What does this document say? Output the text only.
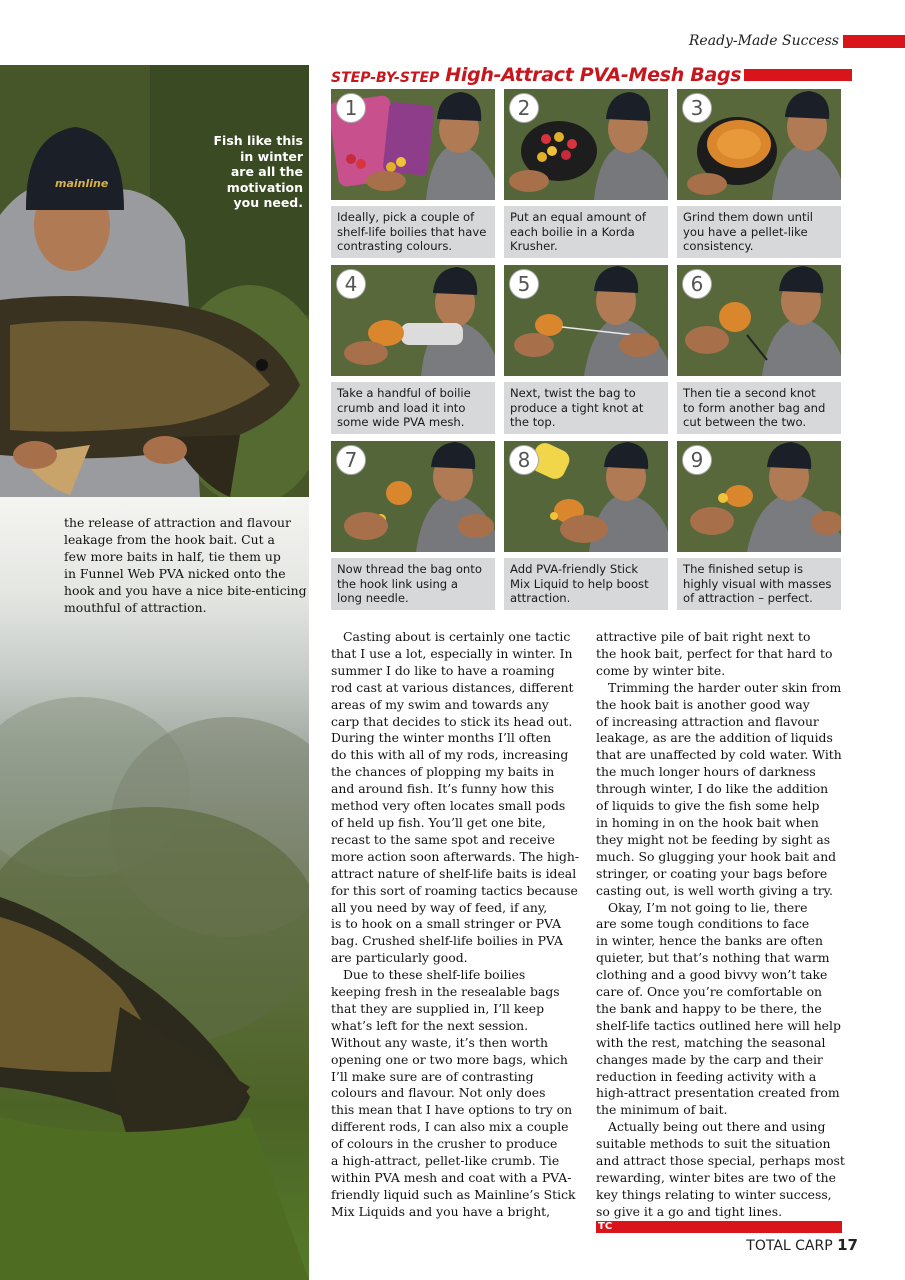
Ready-Made Success
mainline
Fish like this
in winter
are all the
motivation
you need.
the release of attraction and flavour
leakage from the hook bait. Cut a
few more baits in half, tie them up
in Funnel Web PVA nicked onto the
hook and you have a nice bite-enticing
mouthful of attraction.
STEP-BY-STEP High-Attract PVA-Mesh Bags
1
Ideally, pick a couple of
shelf-life boilies that have
contrasting colours.
2
Put an equal amount of
each boilie in a Korda
Krusher.
3
Grind them down until
you have a pellet-like
consistency.
4
Take a handful of boilie
crumb and load it into
some wide PVA mesh.
5
Next, twist the bag to
produce a tight knot at
the top.
6
Then tie a second knot
to form another bag and
cut between the two.
7
Now thread the bag onto
the hook link using a
long needle.
8
Add PVA-friendly Stick
Mix Liquid to help boost
attraction.
9
The finished setup is
highly visual with masses
of attraction – perfect.
Casting about is certainly one tactic
that I use a lot, especially in winter. In
summer I do like to have a roaming
rod cast at various distances, different
areas of my swim and towards any
carp that decides to stick its head out.
During the winter months I’ll often
do this with all of my rods, increasing
the chances of plopping my baits in
and around fish. It’s funny how this
method very often locates small pods
of held up fish. You’ll get one bite,
recast to the same spot and receive
more action soon afterwards. The high-
attract nature of shelf-life baits is ideal
for this sort of roaming tactics because
all you need by way of feed, if any,
is to hook on a small stringer or PVA
bag. Crushed shelf-life boilies in PVA
are particularly good.
Due to these shelf-life boilies
keeping fresh in the resealable bags
that they are supplied in, I’ll keep
what’s left for the next session.
Without any waste, it’s then worth
opening one or two more bags, which
I’ll make sure are of contrasting
colours and flavour. Not only does
this mean that I have options to try on
different rods, I can also mix a couple
of colours in the crusher to produce
a high-attract, pellet-like crumb. Tie
within PVA mesh and coat with a PVA-
friendly liquid such as Mainline’s Stick
Mix Liquids and you have a bright,
attractive pile of bait right next to
the hook bait, perfect for that hard to
come by winter bite.
Trimming the harder outer skin from
the hook bait is another good way
of increasing attraction and flavour
leakage, as are the addition of liquids
that are unaffected by cold water. With
the much longer hours of darkness
through winter, I do like the addition
of liquids to give the fish some help
in homing in on the hook bait when
they might not be feeding by sight as
much. So glugging your hook bait and
stringer, or coating your bags before
casting out, is well worth giving a try.
Okay, I’m not going to lie, there
are some tough conditions to face
in winter, hence the banks are often
quieter, but that’s nothing that warm
clothing and a good bivvy won’t take
care of. Once you’re comfortable on
the bank and happy to be there, the
shelf-life tactics outlined here will help
with the rest, matching the seasonal
changes made by the carp and their
reduction in feeding activity with a
high-attract presentation created from
the minimum of bait.
Actually being out there and using
suitable methods to suit the situation
and attract those special, perhaps most
rewarding, winter bites are two of the
key things relating to winter success,
so give it a go and tight lines.
TC
TOTAL CARP 17
